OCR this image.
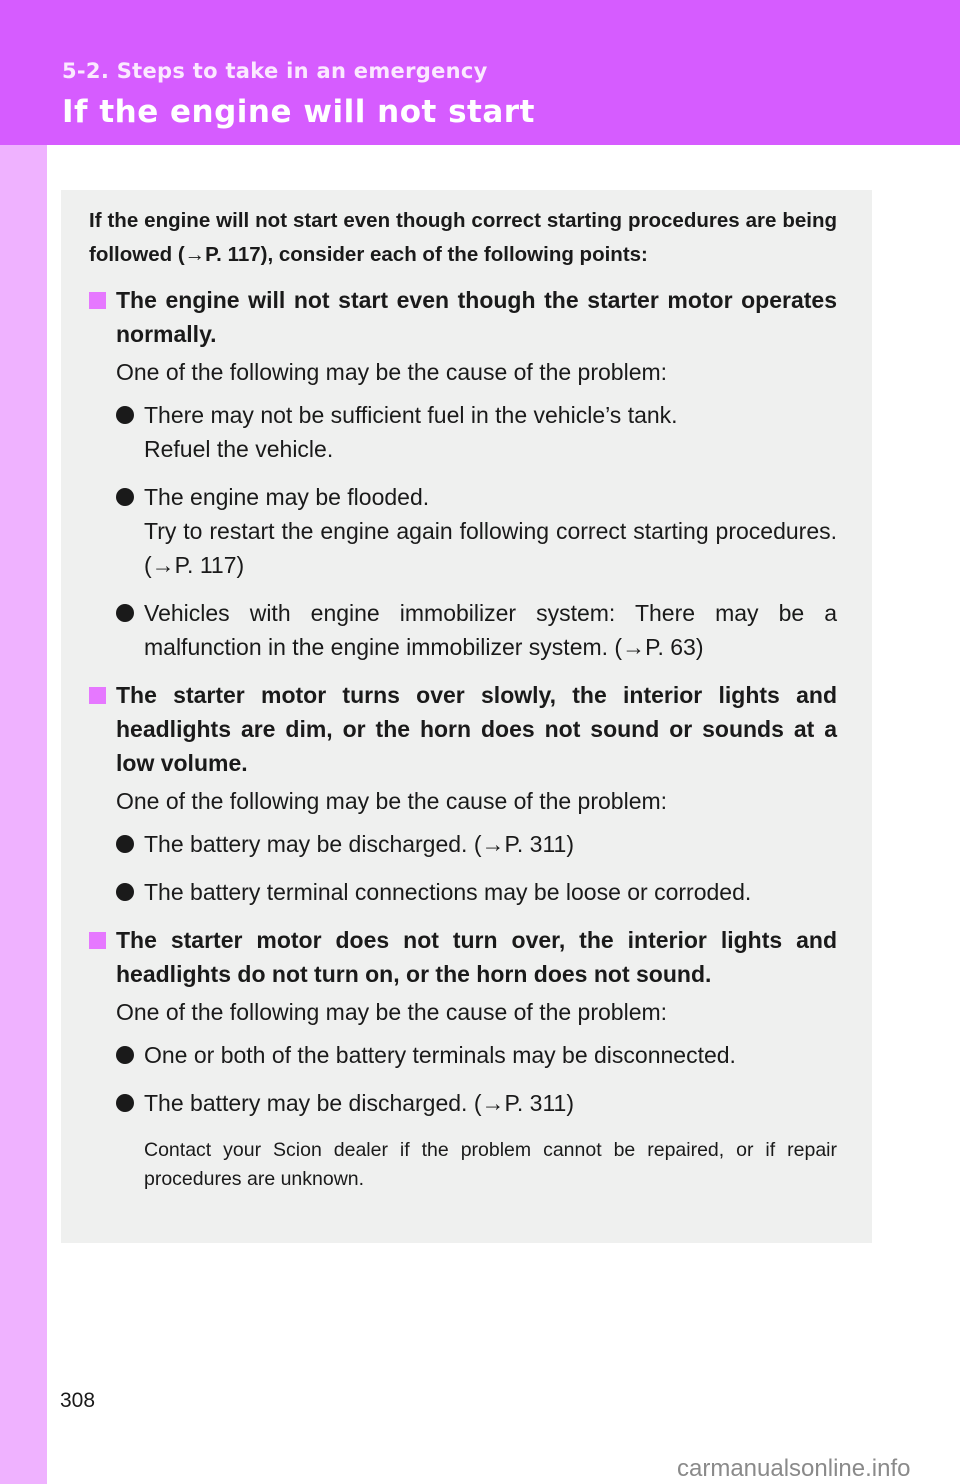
5-2. Steps to take in an emergency
If the engine will not start

If the engine will not start even though correct starting procedures are being followed (→P. 117), consider each of the following points:

The engine will not start even though the starter motor operates normally.
One of the following may be the cause of the problem:
There may not be sufficient fuel in the vehicle’s tank.
Refuel the vehicle.
The engine may be flooded.
Try to restart the engine again following correct starting procedures. (→P. 117)
Vehicles with engine immobilizer system: There may be a malfunction in the engine immobilizer system. (→P. 63)
The starter motor turns over slowly, the interior lights and headlights are dim, or the horn does not sound or sounds at a low volume.
One of the following may be the cause of the problem:
The battery may be discharged. (→P. 311)
The battery terminal connections may be loose or corroded.
The starter motor does not turn over, the interior lights and headlights do not turn on, or the horn does not sound.
One of the following may be the cause of the problem:
One or both of the battery terminals may be disconnected.
The battery may be discharged. (→P. 311)
Contact your Scion dealer if the problem cannot be repaired, or if repair procedures are unknown.
308
carmanualsonline.info
